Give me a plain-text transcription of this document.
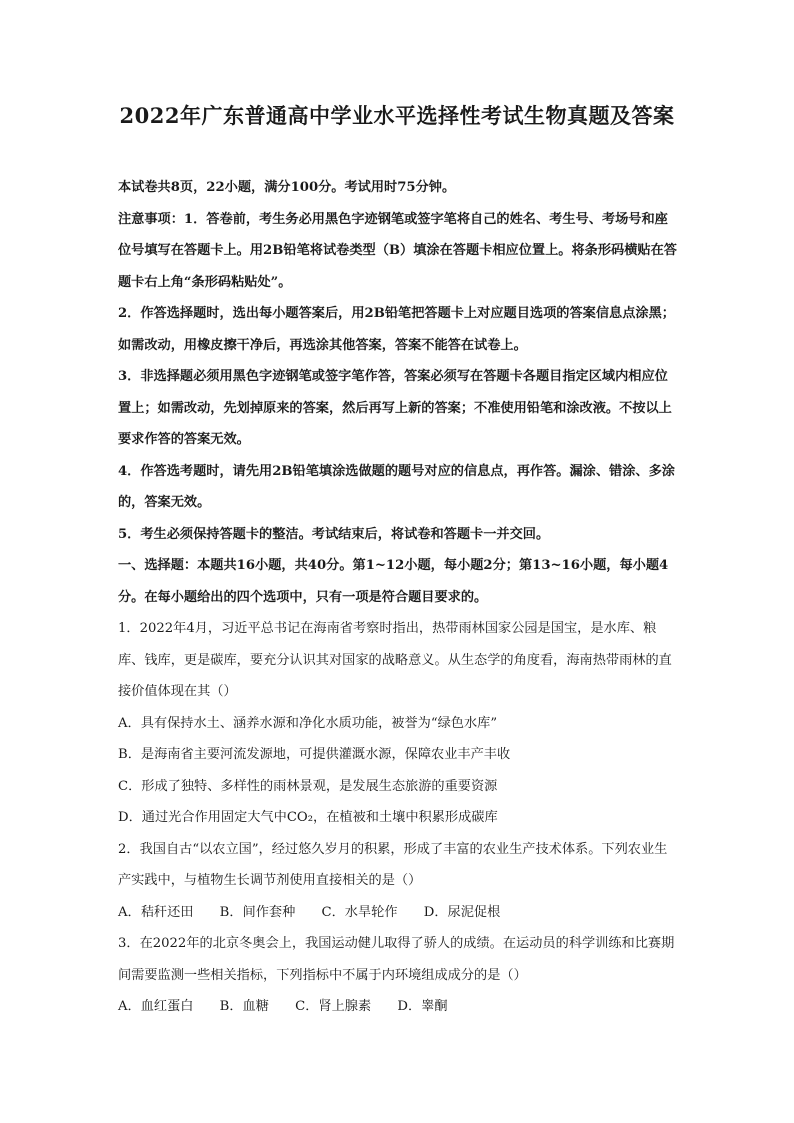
2022年广东普通高中学业水平选择性考试生物真题及答案

本试卷共8页，22小题，满分100分。考试用时75分钟。

注意事项：1．答卷前，考生务必用黑色字迹钢笔或签字笔将自己的姓名、考生号、考场号和座位号填写在答题卡上。用2B铅笔将试卷类型（B）填涂在答题卡相应位置上。将条形码横贴在答题卡右上角“条形码粘贴处”。

2．作答选择题时，选出每小题答案后，用2B铅笔把答题卡上对应题目选项的答案信息点涂黑；如需改动，用橡皮擦干净后，再选涂其他答案，答案不能答在试卷上。

3．非选择题必须用黑色字迹钢笔或签字笔作答，答案必须写在答题卡各题目指定区域内相应位置上；如需改动，先划掉原来的答案，然后再写上新的答案；不准使用铅笔和涂改液。不按以上要求作答的答案无效。

4．作答选考题时，请先用2B铅笔填涂选做题的题号对应的信息点，再作答。漏涂、错涂、多涂的，答案无效。

5．考生必须保持答题卡的整洁。考试结束后，将试卷和答题卡一并交回。

一、选择题：本题共16小题，共40分。第1~12小题，每小题2分；第13~16小题，每小题4分。在每小题给出的四个选项中，只有一项是符合题目要求的。

1．2022年4月，习近平总书记在海南省考察时指出，热带雨林国家公园是国宝，是水库、粮库、钱库，更是碳库，要充分认识其对国家的战略意义。从生态学的角度看，海南热带雨林的直接价值体现在其（）

A．具有保持水土、涵养水源和净化水质功能，被誉为“绿色水库”

B．是海南省主要河流发源地，可提供灌溉水源，保障农业丰产丰收

C．形成了独特、多样性的雨林景观，是发展生态旅游的重要资源

D．通过光合作用固定大气中CO₂，在植被和土壤中积累形成碳库

2．我国自古“以农立国”，经过悠久岁月的积累，形成了丰富的农业生产技术体系。下列农业生产实践中，与植物生长调节剂使用直接相关的是（）

A．秸秆还田 B．间作套种 C．水旱轮作 D．尿泥促根

3．在2022年的北京冬奥会上，我国运动健儿取得了骄人的成绩。在运动员的科学训练和比赛期间需要监测一些相关指标，下列指标中不属于内环境组成成分的是（）

A．血红蛋白 B．血糖 C．肾上腺素 D．睾酮
